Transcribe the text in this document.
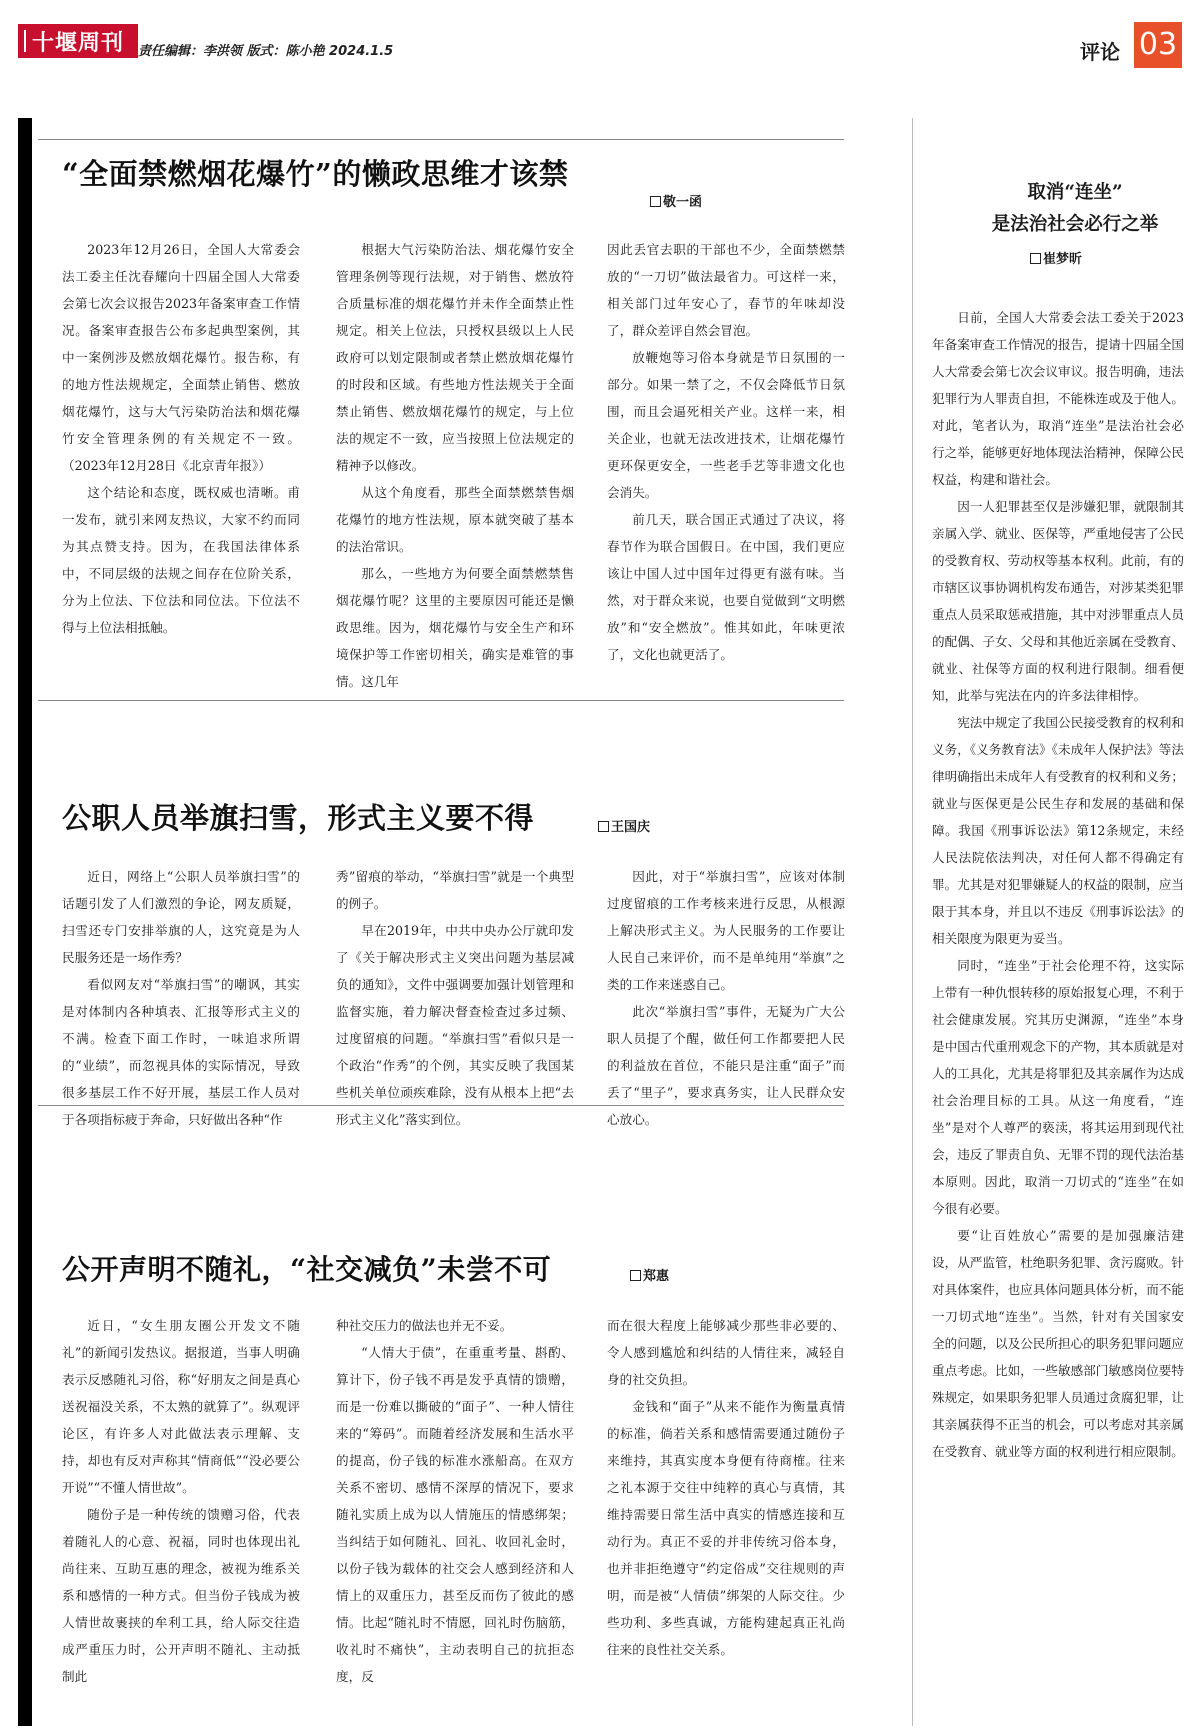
十堰周刊 责任编辑：李洪领 版式：陈小艳 2024.1.5	评论 03
“全面禁燃烟花爆竹”的懒政思维才该禁
敬一函

2023年12月26日，全国人大常委会法工委主任沈春耀向十四届全国人大常委会第七次会议报告2023年备案审查工作情况。备案审查报告公布多起典型案例，其中一案例涉及燃放烟花爆竹。报告称，有的地方性法规规定，全面禁止销售、燃放烟花爆竹，这与大气污染防治法和烟花爆竹安全管理条例的有关规定不一致。（2023年12月28日《北京青年报》）

这个结论和态度，既权威也清晰。甫一发布，就引来网友热议，大家不约而同为其点赞支持。因为，在我国法律体系中，不同层级的法规之间存在位阶关系，分为上位法、下位法和同位法。下位法不得与上位法相抵触。

根据大气污染防治法、烟花爆竹安全管理条例等现行法规，对于销售、燃放符合质量标准的烟花爆竹并未作全面禁止性规定。相关上位法，只授权县级以上人民政府可以划定限制或者禁止燃放烟花爆竹的时段和区域。有些地方性法规关于全面禁止销售、燃放烟花爆竹的规定，与上位法的规定不一致，应当按照上位法规定的精神予以修改。

从这个角度看，那些全面禁燃禁售烟花爆竹的地方性法规，原本就突破了基本的法治常识。

那么，一些地方为何要全面禁燃禁售烟花爆竹呢？这里的主要原因可能还是懒政思维。因为，烟花爆竹与安全生产和环境保护等工作密切相关，确实是难管的事情。这几年

因此丢官去职的干部也不少，全面禁燃禁放的“一刀切”做法最省力。可这样一来，相关部门过年安心了，春节的年味却没了，群众差评自然会冒泡。

放鞭炮等习俗本身就是节日氛围的一部分。如果一禁了之，不仅会降低节日氛围，而且会逼死相关产业。这样一来，相关企业，也就无法改进技术，让烟花爆竹更环保更安全，一些老手艺等非遗文化也会消失。

前几天，联合国正式通过了决议，将春节作为联合国假日。在中国，我们更应该让中国人过中国年过得更有滋有味。当然，对于群众来说，也要自觉做到“文明燃放”和“安全燃放”。惟其如此，年味更浓了，文化也就更活了。

公职人员举旗扫雪，形式主义要不得	王国庆

近日，网络上“公职人员举旗扫雪”的话题引发了人们激烈的争论，网友质疑，扫雪还专门安排举旗的人，这究竟是为人民服务还是一场作秀？

看似网友对“举旗扫雪”的嘲讽，其实是对体制内各种填表、汇报等形式主义的不满。检查下面工作时，一味追求所谓的“业绩”，而忽视具体的实际情况，导致很多基层工作不好开展，基层工作人员对于各项指标疲于奔命，只好做出各种“作

秀”留痕的举动，“举旗扫雪”就是一个典型的例子。

早在2019年，中共中央办公厅就印发了《关于解决形式主义突出问题为基层减负的通知》，文件中强调要加强计划管理和监督实施，着力解决督查检查过多过频、过度留痕的问题。“举旗扫雪”看似只是一个政治“作秀”的个例，其实反映了我国某些机关单位顽疾难除，没有从根本上把“去形式主义化”落实到位。

因此，对于“举旗扫雪”，应该对体制过度留痕的工作考核来进行反思，从根源上解决形式主义。为人民服务的工作要让人民自己来评价，而不是单纯用“举旗”之类的工作来迷惑自己。

此次“举旗扫雪”事件，无疑为广大公职人员提了个醒，做任何工作都要把人民的利益放在首位，不能只是注重“面子”而丢了“里子”，要求真务实，让人民群众安心放心。

公开声明不随礼，“社交减负”未尝不可	郑惠

近日，“女生朋友圈公开发文不随礼”的新闻引发热议。据报道，当事人明确表示反感随礼习俗，称“好朋友之间是真心送祝福没关系，不太熟的就算了”。纵观评论区，有许多人对此做法表示理解、支持，却也有反对声称其“情商低”“没必要公开说”“不懂人情世故”。

随份子是一种传统的馈赠习俗，代表着随礼人的心意、祝福，同时也体现出礼尚往来、互助互惠的理念，被视为维系关系和感情的一种方式。但当份子钱成为被人情世故裹挟的牟利工具，给人际交往造成严重压力时，公开声明不随礼、主动抵制此

种社交压力的做法也并无不妥。

“人情大于债”，在重重考量、斟酌、算计下，份子钱不再是发乎真情的馈赠，而是一份难以撕破的“面子”、一种人情往来的“筹码”。而随着经济发展和生活水平的提高，份子钱的标准水涨船高。在双方关系不密切、感情不深厚的情况下，要求随礼实质上成为以人情施压的情感绑架；当纠结于如何随礼、回礼、收回礼金时，以份子钱为载体的社交会人感到经济和人情上的双重压力，甚至反而伤了彼此的感情。比起“随礼时不情愿，回礼时伤脑筋，收礼时不痛快”，主动表明自己的抗拒态度，反

而在很大程度上能够减少那些非必要的、令人感到尴尬和纠结的人情往来，减轻自身的社交负担。

金钱和“面子”从来不能作为衡量真情的标准，倘若关系和感情需要通过随份子来维持，其真实度本身便有待商榷。往来之礼本源于交往中纯粹的真心与真情，其维持需要日常生活中真实的情感连接和互动行为。真正不妥的并非传统习俗本身，也并非拒绝遵守“约定俗成”交往规则的声明，而是被“人情债”绑架的人际交往。少些功利、多些真诚，方能构建起真正礼尚往来的良性社交关系。

取消“连坐”
是法治社会必行之举
崔梦昕

日前，全国人大常委会法工委关于2023年备案审查工作情况的报告，提请十四届全国人大常委会第七次会议审议。报告明确，违法犯罪行为人罪责自担，不能株连或及于他人。对此，笔者认为，取消“连坐”是法治社会必行之举，能够更好地体现法治精神，保障公民权益，构建和谐社会。

因一人犯罪甚至仅是涉嫌犯罪，就限制其亲属入学、就业、医保等，严重地侵害了公民的受教育权、劳动权等基本权利。此前，有的市辖区议事协调机构发布通告，对涉某类犯罪重点人员采取惩戒措施，其中对涉罪重点人员的配偶、子女、父母和其他近亲属在受教育、就业、社保等方面的权利进行限制。细看便知，此举与宪法在内的许多法律相悖。

宪法中规定了我国公民接受教育的权利和义务，《义务教育法》《未成年人保护法》等法律明确指出未成年人有受教育的权利和义务；就业与医保更是公民生存和发展的基础和保障。我国《刑事诉讼法》第12条规定，未经人民法院依法判决，对任何人都不得确定有罪。尤其是对犯罪嫌疑人的权益的限制，应当限于其本身，并且以不违反《刑事诉讼法》的相关限度为限更为妥当。

同时，“连坐”于社会伦理不符，这实际上带有一种仇恨转移的原始报复心理，不利于社会健康发展。究其历史渊源，“连坐”本身是中国古代重刑观念下的产物，其本质就是对人的工具化，尤其是将罪犯及其亲属作为达成社会治理目标的工具。从这一角度看，“连坐”是对个人尊严的亵渎，将其运用到现代社会，违反了罪责自负、无罪不罚的现代法治基本原则。因此，取消一刀切式的“连坐”在如今很有必要。

要“让百姓放心”需要的是加强廉洁建设，从严监管，杜绝职务犯罪、贪污腐败。针对具体案件，也应具体问题具体分析，而不能一刀切式地“连坐”。当然，针对有关国家安全的问题，以及公民所担心的职务犯罪问题应重点考虑。比如，一些敏感部门敏感岗位要特殊规定，如果职务犯罪人员通过贪腐犯罪，让其亲属获得不正当的机会，可以考虑对其亲属在受教育、就业等方面的权利进行相应限制。
